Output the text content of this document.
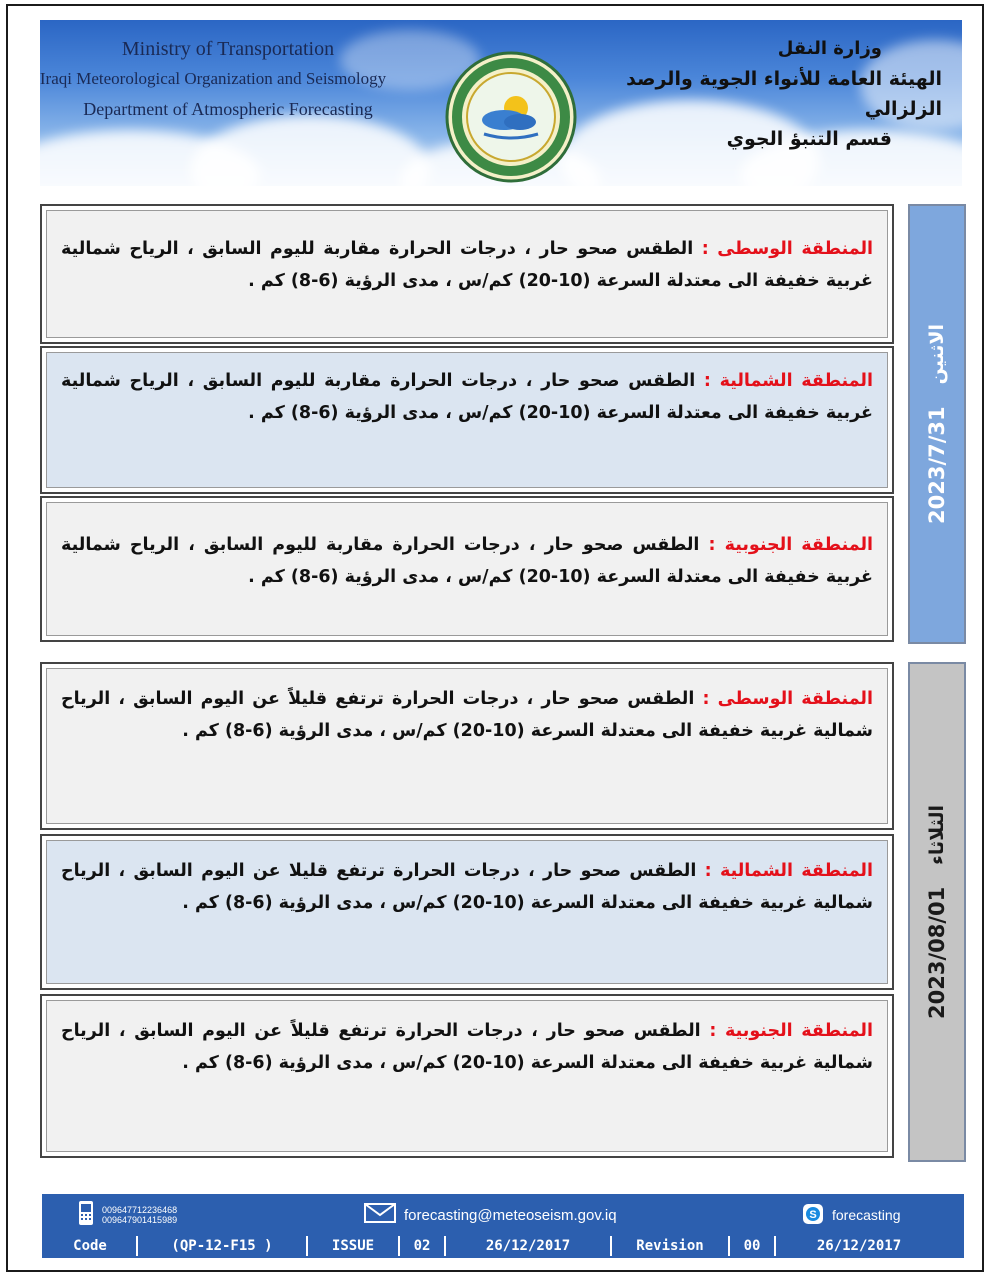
Ministry of Transportation
Iraqi Meteorological Organization and Seismology
Department of Atmospheric Forecasting
وزارة النقل
الهيئة العامة للأنواء الجوية والرصد الزلزالي
قسم التنبؤ الجوي
المنطقة الوسطى : الطقس صحو حار ، درجات الحرارة مقاربة لليوم السابق ، الرياح شمالية غربية خفيفة الى معتدلة السرعة (10-20) كم/س ، مدى الرؤية (6-8) كم .
المنطقة الشمالية : الطقس صحو حار ، درجات الحرارة مقاربة لليوم السابق ، الرياح شمالية غربية خفيفة الى معتدلة السرعة (10-20) كم/س ، مدى الرؤية (6-8) كم .
المنطقة الجنوبية : الطقس صحو حار ، درجات الحرارة مقاربة لليوم السابق ، الرياح شمالية غربية خفيفة الى معتدلة السرعة (10-20) كم/س ، مدى الرؤية (6-8) كم .
2023/7/31   الاثنين
المنطقة الوسطى : الطقس صحو حار ، درجات الحرارة ترتفع قليلاً عن اليوم السابق ، الرياح شمالية غربية خفيفة الى معتدلة السرعة (10-20) كم/س ، مدى الرؤية (6-8) كم .
المنطقة الشمالية : الطقس صحو حار ، درجات الحرارة ترتفع قليلا عن اليوم السابق ، الرياح شمالية غربية خفيفة الى معتدلة السرعة (10-20) كم/س ، مدى الرؤية (6-8) كم .
المنطقة الجنوبية : الطقس صحو حار ، درجات الحرارة ترتفع قليلاً عن اليوم السابق ، الرياح شمالية غربية خفيفة الى معتدلة السرعة (10-20) كم/س ، مدى الرؤية (6-8) كم .
2023/08/01   الثلاثاء
009647712236468
009647901415989	forecasting@meteoseism.gov.iq	S forecasting
Code	(QP-12-F15 )	ISSUE	02	26/12/2017	Revision	00	26/12/2017
